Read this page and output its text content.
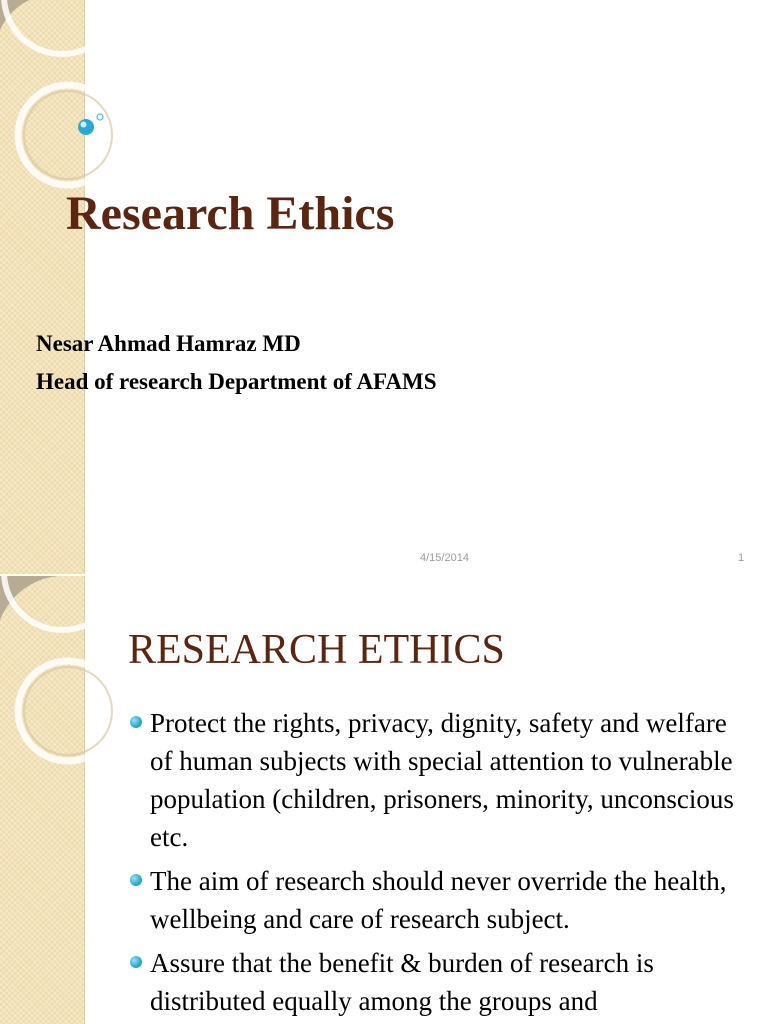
Research Ethics

Nesar Ahmad Hamraz MD

Head of research Department of AFAMS

4/15/2014	1
RESEARCH ETHICS
Protect the rights, privacy, dignity, safety and welfare of human subjects with special attention to vulnerable population (children, prisoners, minority, unconscious etc.
The aim of research should never override the health, wellbeing and care of research subject.
Assure that the benefit & burden of research is distributed equally among the groups and
